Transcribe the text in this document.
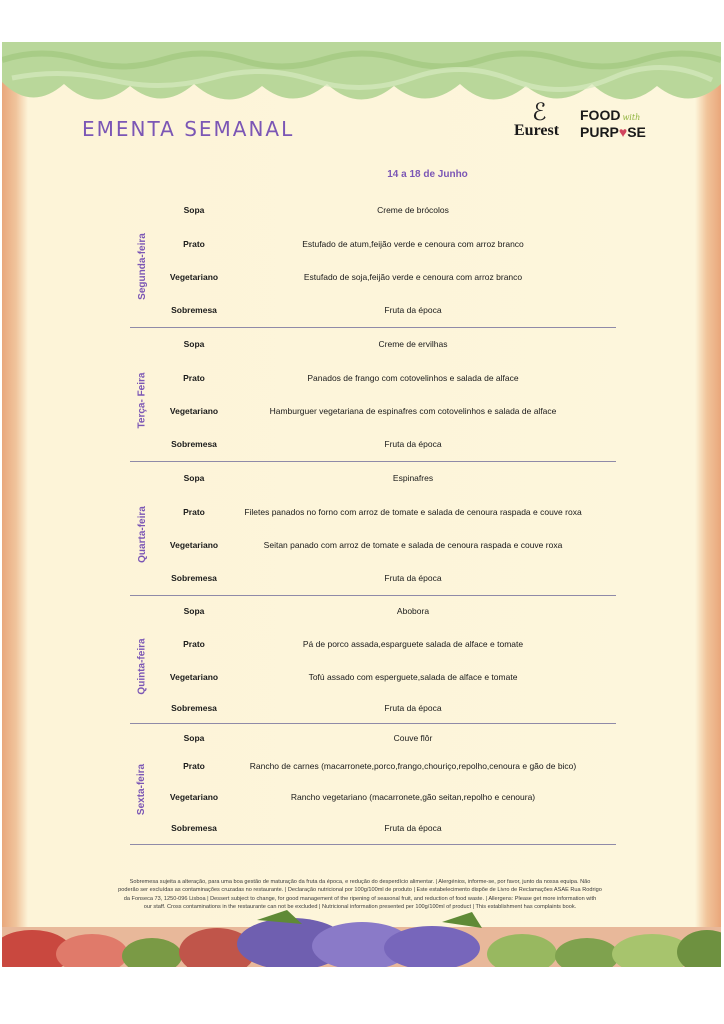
EMENTA SEMANAL
ℰ
Eurest
FOOD with
PURP♥SE
14 a 18 de Junho
Segunda-feira
Sopa	Creme de brócolos
Prato	Estufado de atum,feijão verde e cenoura com arroz branco
Vegetariano	Estufado de soja,feijão verde e cenoura com arroz branco
Sobremesa	Fruta da época
Terça- Feira
Sopa	Creme de ervilhas
Prato	Panados de frango com cotovelinhos e salada de alface
Vegetariano	Hamburguer vegetariana de espinafres com cotovelinhos e salada de alface
Sobremesa	Fruta da época
Quarta-feira
Sopa	Espinafres
Prato	Filetes panados no forno com arroz de tomate e salada de cenoura raspada e couve roxa
Vegetariano	Seitan panado com arroz de tomate e salada de cenoura raspada e couve roxa
Sobremesa	Fruta da época
Quinta-feira
Sopa	Abobora
Prato	Pá de porco assada,esparguete salada de alface e tomate
Vegetariano	Tofú assado com esperguete,salada de alface e tomate
Sobremesa	Fruta da época
Sexta-feira
Sopa	Couve flôr
Prato	Rancho de carnes (macarronete,porco,frango,chouriço,repolho,cenoura e gão de bico)
Vegetariano	Rancho vegetariano (macarronete,gão seitan,repolho e cenoura)
Sobremesa	Fruta da época
Sobremesa sujeita a alteração, para uma boa gestão de maturação da fruta da época, e redução do desperdício alimentar. | Alergénios, informe-se, por favor, junto da nossa equipa. Não
poderão ser excluídas as contaminações cruzadas no restaurante. | Declaração nutricional por 100g/100ml de produto | Este estabelecimento dispõe de Livro de Reclamações ASAE Rua Rodrigo
da Fonseca 73, 1250-096 Lisboa | Dessert subject to change, for good management of the ripening of seasonal fruit, and reduction of food waste. | Allergens: Please get more information with
our staff. Cross contaminations in the restaurante can not be excluded | Nutricional information presented per 100g/100ml of product | This establishment has complaints book.
